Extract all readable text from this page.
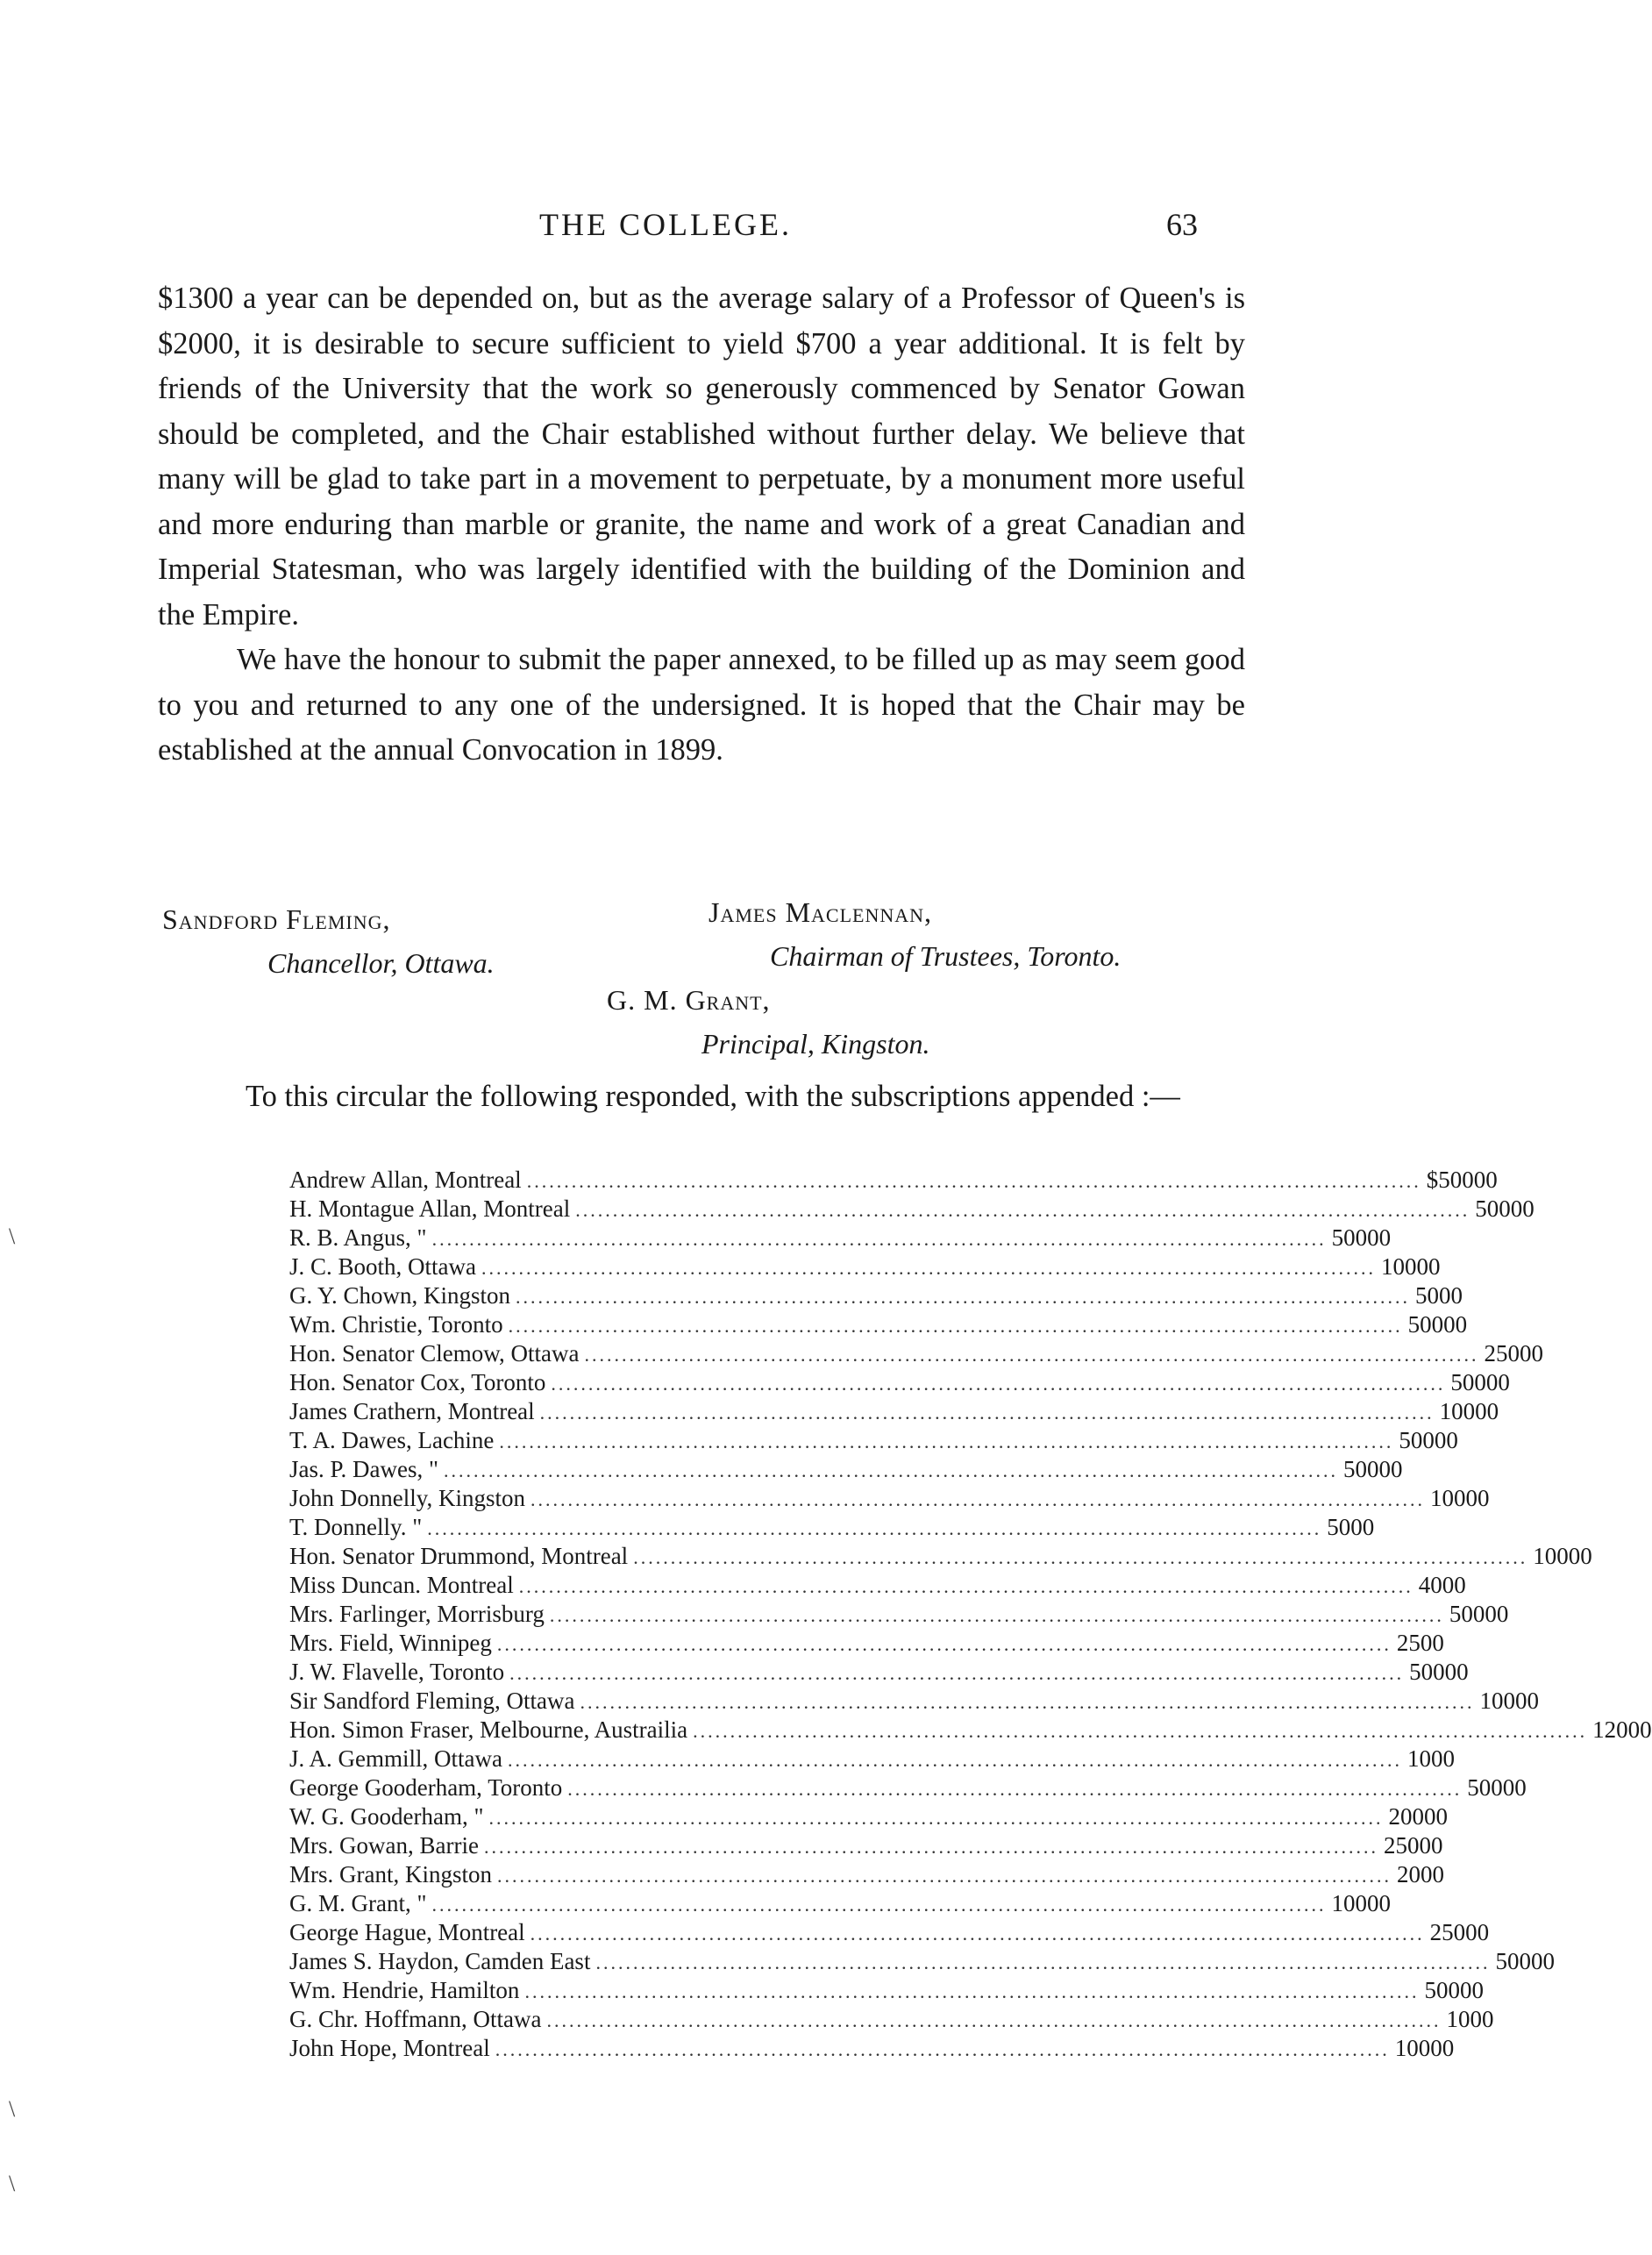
THE COLLEGE.	63

$1300 a year can be depended on, but as the average salary of a Professor of Queen's is $2000, it is desirable to secure sufficient to yield $700 a year additional. It is felt by friends of the University that the work so generously commenced by Senator Gowan should be completed, and the Chair established without further delay. We believe that many will be glad to take part in a movement to perpetuate, by a monument more useful and more enduring than marble or granite, the name and work of a great Canadian and Imperial Statesman, who was largely identified with the building of the Dominion and the Empire.

We have the honour to submit the paper annexed, to be filled up as may seem good to you and returned to any one of the undersigned. It is hoped that the Chair may be established at the annual Convocation in 1899.

Sandford Fleming,
Chancellor, Ottawa.
James Maclennan,
Chairman of Trustees, Toronto.
G. M. Grant,
Principal, Kingston.

To this circular the following responded, with the subscriptions appended :—

Andrew Allan, Montreal ........................................................................................................................ $ 500 00
H. Montague Allan, Montreal ........................................................................................................................ 500 00
R. B. Angus, " ........................................................................................................................ 500 00
J. C. Booth, Ottawa ........................................................................................................................ 100 00
G. Y. Chown, Kingston ........................................................................................................................ 50 00
Wm. Christie, Toronto ........................................................................................................................ 500 00
Hon. Senator Clemow, Ottawa ........................................................................................................................ 250 00
Hon. Senator Cox, Toronto ........................................................................................................................ 500 00
James Crathern, Montreal ........................................................................................................................ 100 00
T. A. Dawes, Lachine ........................................................................................................................ 500 00
Jas. P. Dawes, " ........................................................................................................................ 500 00
John Donnelly, Kingston ........................................................................................................................ 100 00
T. Donnelly. " ........................................................................................................................ 50 00
Hon. Senator Drummond, Montreal ........................................................................................................................ 100 00
Miss Duncan. Montreal ........................................................................................................................ 40 00
Mrs. Farlinger, Morrisburg ........................................................................................................................ 500 00
Mrs. Field, Winnipeg ........................................................................................................................ 25 00
J. W. Flavelle, Toronto ........................................................................................................................ 500 00
Sir Sandford Fleming, Ottawa ........................................................................................................................ 100 00
Hon. Simon Fraser, Melbourne, Austrailia ........................................................................................................................ 120 00
J. A. Gemmill, Ottawa ........................................................................................................................ 10 00
George Gooderham, Toronto ........................................................................................................................ 500 00
W. G. Gooderham, " ........................................................................................................................ 200 00
Mrs. Gowan, Barrie ........................................................................................................................ 250 00
Mrs. Grant, Kingston ........................................................................................................................ 20 00
G. M. Grant, " ........................................................................................................................ 100 00
George Hague, Montreal ........................................................................................................................ 250 00
James S. Haydon, Camden East ........................................................................................................................ 500 00
Wm. Hendrie, Hamilton ........................................................................................................................ 500 00
G. Chr. Hoffmann, Ottawa ........................................................................................................................ 10 00
John Hope, Montreal ........................................................................................................................ 100 00
\
\
\
